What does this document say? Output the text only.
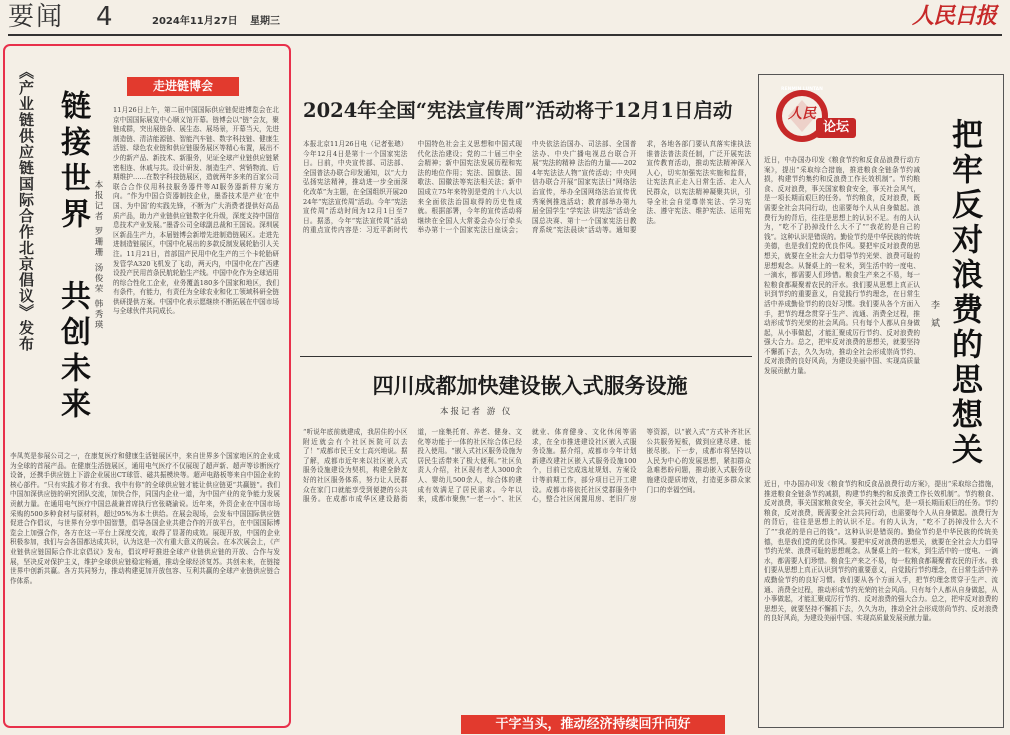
要闻 4	2024年11月27日 星期三	人民日报
《产业链供应链国际合作北京倡议》发布 链接世界
共创未来
本报记者 罗珊珊 汤俊荣 韩秀瑛
走进链博会
11月26日上午，第二届中国国际供应链促进博览会在北京中国国际展览中心顺义馆开幕。链博会以“链”会友，聚链成群，突出展链条、展生态、展场景，开幕当天，先进制造链、清洁能源链、智能汽车链、数字科技链、健康生活链、绿色农业链和供应链服务展区等精心布置，展出不少的新产品、新技术、新服务，见证全球产业链供应链紧密相连、休戚与共。设计研发、制造生产、营销物流、后期维护……在数字科技链展区，造就两年多来的百家公司联合合作仪用科技服务器件等AI服务器新样方案方向。“作为中国合资器制技企业，墨香技术是产业‘在中国、为中国’的实践先锋，不断为广大消费者提供好高品质产品，助力产业链供应链数字化升级，深度支持中国信息技术产业发展。”墨香公司全球副总裁和王国说。深圳展区新品生产力，本届链博会新增先进制造链展区。走进先进制造链展区，中国中化展出的多款反制发展轮胎引人关注。11月21日，首部国产民用中化生产的三个卡轮胎研发管学A320飞机发了飞动，两天内，中国中化在广西建设投产民用首条民航轮胎生产线。中国中化作为全球适用的综合性化工企业，业务覆盖180多个国家和地区，我们有条件，有能力，有责任为全球农业和化工领域科研全链供研提供方案。中国中化表示愿继续不断拓展在中国市场与全球伙伴共同成长。
李凤英是参展公司之一，在康复医疗和健康生活链展区中，来自世界多个国家地区的企业成为全球的首展产品。在健康生活链展区，通用电气医疗不仅展现了超声新、超声等诊断医疗设备，还携手供应链上下游企业展出CT球管、磁共振模块等。超声电路板等来自中国企业的核心部件。“只有实践才你才有我、我中有你”的全球供应链才能让供应链更“共赢链”。我们中国加深供应链的研究团队交流，加快合作，同国内企业一道，为中国产业的竞争能力发展贡献力量。在通用电气医疗中国总裁兼首席执行官张晓渝说。近年来，外资企业在中国市场采购的500多种食材与原材料，超过95%为本土供给。在展会现场，会发布中国国际供应链促进合作倡议，与世界有分享中国智慧，倡导各国企业共建合作的开放平台，在中国国际博览会上加强合作，各方在这一平台上深度交流，取得了显著的成效。展现开放，中国的企业积极参加，我们与会各国都达成共识，认为这是一次有重大意义的展会。在本次展会上，《产业链供应链国际合作北京倡议》发布，倡议呼吁推进全球产业链供应链的开放、合作与发展，坚决反对保护主义，维护全球供应链稳定畅通，推动全球经济复苏。共创未来，在链接世界中创新共赢。各方共同努力，推动构建更加开放包容、互利共赢的全球产业链供应链合作体系。
2024年全国“宪法宣传周”活动将于12月1日启动
本报北京11月26日电（记者张璁）今年12月4日是第十一个国家宪法日。日前，中央宣传部、司法部、全国普法办联合印发通知，以“大力弘扬宪法精神，推动进一步全面深化改革”为主题，在全国组织开展2024年“宪法宣传周”活动。今年“宪法宣传周”活动时间为12月1日至7日。据悉，今年“宪法宣传周”活动的重点宣传内容是：习近平新时代中国特色社会主义思想和中国式现代化法治建设；党的二十届三中全会精神；新中国宪法发展历程和宪法的地位作用；宪法、国旗法、国歌法、国徽法等宪法相关法；新中国成立75年来特别是党的十八大以来全面依法治国取得的历史性成就。根据部署，今年的宣传活动将继续在全国人大常委会办公厅牵头举办第十一个国家宪法日座谈会；中央依法治国办、司法部、全国普法办、中央广播电视总台联合开展“宪法的精神 法治的力量——2024年宪法法人物”宣传活动；中央网信办联合开展“国家宪法日”网络法治宣传，举办全国网络法治宣传优秀案例推选活动；教育部举办第九届全国学生“学宪法 讲宪法”活动全国总决赛、第十一个国家宪法日教育系统“宪法晨读”活动等。通知要求，各地各部门要认真落实谁执法谁普法普法责任制，广泛开展宪法宣传教育活动，推动宪法精神深入人心，切实加强宪法实施和监督，让宪法真正走入日常生活、走入人民群众，以宪法精神凝聚共识，引导全社会自觉尊崇宪法、学习宪法、遵守宪法、维护宪法、运用宪法。
四川成都加快建设嵌入式服务设施
本报记者 游 仪
“听说年底前就建成，我居住的小区附近就会有个社区医院可以去了！”成都市民王女士高兴地说。据了解，成都市近年来以社区嵌入式服务设施建设为契机，构建全龄友好的社区服务体系，努力让人民群众在家门口就能享受到便捷的公共服务。在成都市成华区建设路街道，一座集托育、养老、健身、文化等功能于一体的社区综合体已经投入使用。“嵌入式社区服务设施为居民生活带来了极大便利。”社区负责人介绍，社区现有老人3000余人、婴幼儿500余人，综合体的建成有效满足了居民需求。今年以来，成都市聚焦“一老一小”、社区就业、体育健身、文化休闲等需求，在全市推进建设社区嵌入式服务设施。据介绍，成都市今年计划新建改建社区嵌入式服务设施100个，目前已完成选址规划、方案设计等前期工作，部分项目已开工建设。成都市将依托社区党群服务中心，整合社区闲置用房、老旧厂房等资源，以“嵌入式”方式补齐社区公共服务短板，做到应建尽建、能嵌尽嵌。下一步，成都市将坚持以人民为中心的发展思想，紧扣群众急难愁盼问题，推动嵌入式服务设施建设提质增效，打造更多群众家门口的幸福空间。
干字当头，推动经济持续回升向好
RENMIN LUNTAN
人民
论坛	把牢反对浪费的思想关
李 斌
近日，中办国办印发《粮食节约和反食品浪费行动方案》，提出“采取综合措施，推进粮食全链条节约减损，构建节约集约和反浪费工作长效机制”。节约粮食、反对浪费，事关国家粮食安全，事关社会风气，是一项长期而艰巨的任务。节约粮食，反对浪费，既需要全社会共同行动，也需要每个人从自身做起。浪费行为的背后，往往是思想上的认识不足。有的人认为，“吃不了扔掉没什么大不了”“我花的是自己的钱”。这种认识是错误的。勤俭节约是中华民族的传统美德，也是我们党的优良作风。要把牢反对浪费的思想关，就要在全社会大力倡导节约光荣、浪费可耻的思想观念。从餐桌上的一粒米，到生活中的一度电、一滴水，都需要人们珍惜。粮食生产来之不易，每一粒粮食都凝聚着农民的汗水。我们要从思想上真正认识到节约的重要意义，自觉践行节约理念，在日常生活中养成勤俭节约的良好习惯。我们要从各个方面入手，把节约理念贯穿于生产、流通、消费全过程，推动形成节约光荣的社会风尚。只有每个人都从自身做起，从小事做起，才能汇聚成厉行节约、反对浪费的强大合力。总之，把牢反对浪费的思想关，就要坚持不懈抓下去，久久为功，推动全社会形成崇尚节约、反对浪费的良好风尚，为建设美丽中国、实现高质量发展贡献力量。
近日，中办国办印发《粮食节约和反食品浪费行动方案》，提出“采取综合措施，推进粮食全链条节约减损，构建节约集约和反浪费工作长效机制”。节约粮食、反对浪费，事关国家粮食安全，事关社会风气，是一项长期而艰巨的任务。节约粮食，反对浪费，既需要全社会共同行动，也需要每个人从自身做起。浪费行为的背后，往往是思想上的认识不足。有的人认为，“吃不了扔掉没什么大不了”“我花的是自己的钱”。这种认识是错误的。勤俭节约是中华民族的传统美德，也是我们党的优良作风。要把牢反对浪费的思想关，就要在全社会大力倡导节约光荣、浪费可耻的思想观念。从餐桌上的一粒米，到生活中的一度电、一滴水，都需要人们珍惜。粮食生产来之不易，每一粒粮食都凝聚着农民的汗水。我们要从思想上真正认识到节约的重要意义，自觉践行节约理念，在日常生活中养成勤俭节约的良好习惯。我们要从各个方面入手，把节约理念贯穿于生产、流通、消费全过程，推动形成节约光荣的社会风尚。只有每个人都从自身做起，从小事做起，才能汇聚成厉行节约、反对浪费的强大合力。总之，把牢反对浪费的思想关，就要坚持不懈抓下去，久久为功，推动全社会形成崇尚节约、反对浪费的良好风尚，为建设美丽中国、实现高质量发展贡献力量。
